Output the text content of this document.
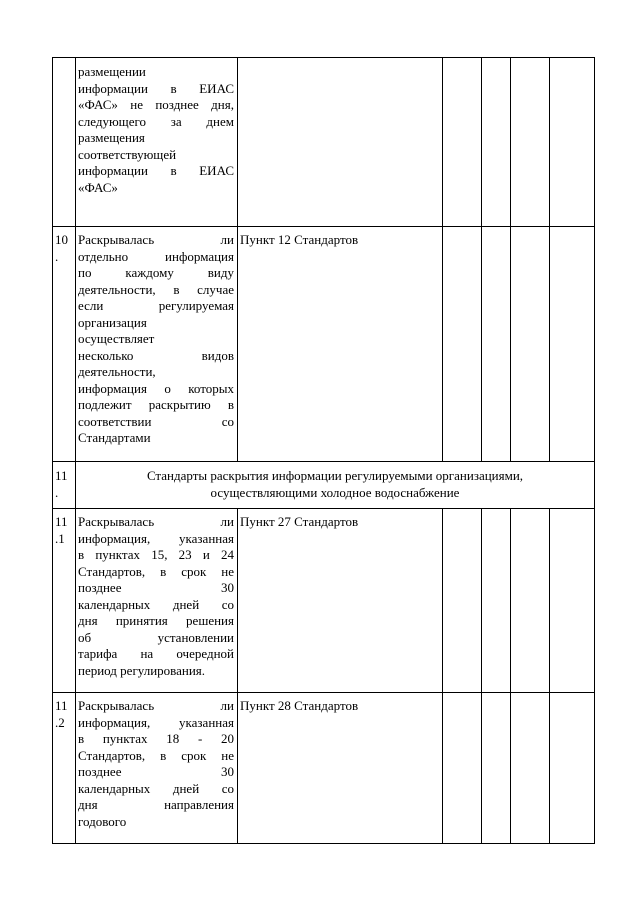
размещении
информации в ЕИАС
«ФАС» не позднее дня,
следующего за днем
размещения
соответствующей
информации в ЕИАС
«ФАС»
10
.
Раскрывалась ли
отдельно информация
по каждому виду
деятельности, в случае
если регулируемая
организация
осуществляет
несколько видов
деятельности,
информация о которых
подлежит раскрытию в
соответствии со
Стандартами
Пункт 12 Стандартов
11
.
Стандарты раскрытия информации регулируемыми организациями,
осуществляющими холодное водоснабжение
11
.1
Раскрывалась ли
информация, указанная
в пунктах 15, 23 и 24
Стандартов, в срок не
позднее 30
календарных дней со
дня принятия решения
об установлении
тарифа на очередной
период регулирования.
Пункт 27 Стандартов
11
.2
Раскрывалась ли
информация, указанная
в пунктах 18 - 20
Стандартов, в срок не
позднее 30
календарных дней со
дня направления
годового
Пункт 28 Стандартов
